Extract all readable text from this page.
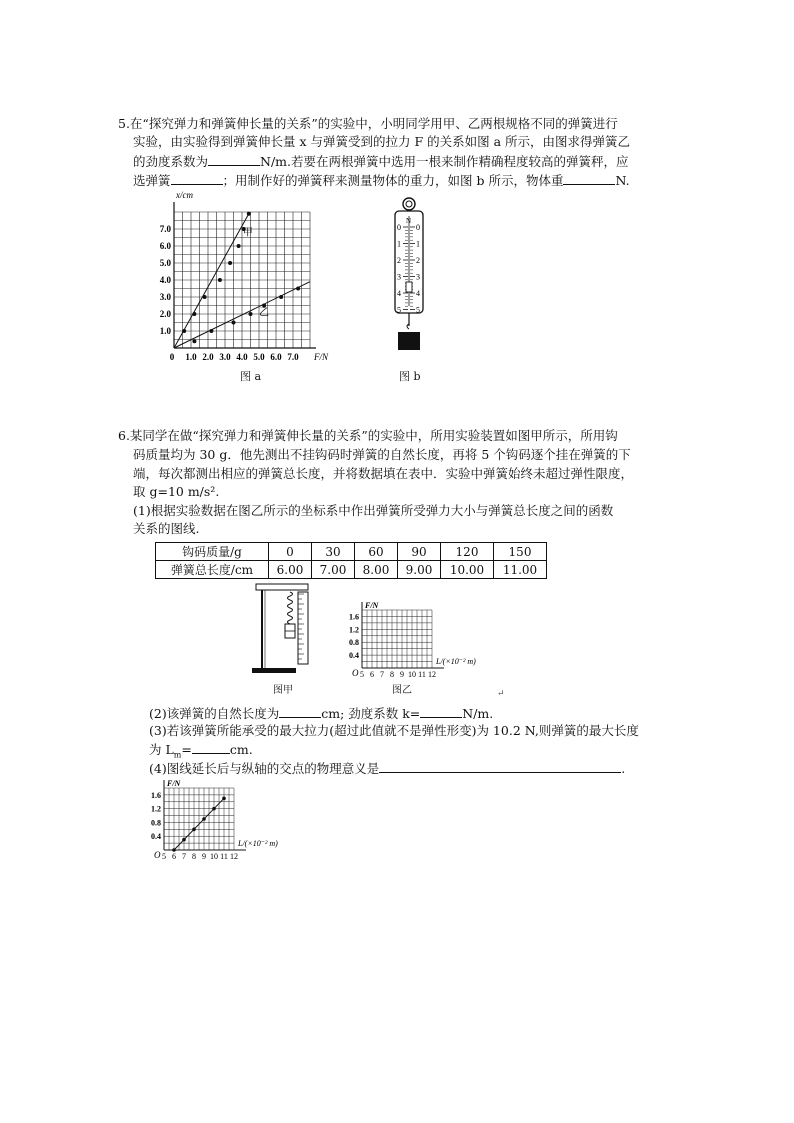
5.在“探究弹力和弹簧伸长量的关系”的实验中，小明同学用甲、乙两根规格不同的弹簧进行
实验，由实验得到弹簧伸长量 x 与弹簧受到的拉力 F 的关系如图 a 所示，由图求得弹簧乙
的劲度系数为	N/m.若要在两根弹簧中选用一根来制作精确程度较高的弹簧秤，应
选弹簧	；用制作好的弹簧秤来测量物体的重力，如图 b 所示，物体重	N.
x/cm
F/N
0 1.0 2.0 3.0 4.0 5.0 6.0 7.0
1.0
2.0
3.0
4.0
5.0
6.0
7.0	甲
乙
图 a
N
0
1
2
3
4
5
0
1
2
3
4
5
图 b
6.某同学在做“探究弹力和弹簧伸长量的关系”的实验中，所用实验装置如图甲所示，所用钩
码质量均为 30 g．他先测出不挂钩码时弹簧的自然长度，再将 5 个钩码逐个挂在弹簧的下
端，每次都测出相应的弹簧总长度，并将数据填在表中．实验中弹簧始终未超过弹性限度，
取 g=10 m/s².
(1)根据实验数据在图乙所示的坐标系中作出弹簧所受弹力大小与弹簧总长度之间的函数
关系的图线.
钩码质量/g	0	30	60	90	120	150
弹簧总长度/cm	6.00	7.00	8.00	9.00	10.00	11.00
图甲
F/N
L/(×10⁻² m)
O 5 6 7 8 9 10 11 12
0.4
0.8
1.2
1.6
图乙	↵
(2)该弹簧的自然长度为	cm; 劲度系数 k=	N/m.
(3)若该弹簧所能承受的最大拉力(超过此值就不是弹性形变)为 10.2 N,则弹簧的最大长度
为 $L_m=$	cm.
(4)图线延长后与纵轴的交点的物理意义是	.
F/N
L/(×10⁻² m)
O 5 6 7 8 9 10 11 12
0.4
0.8
1.2
1.6
